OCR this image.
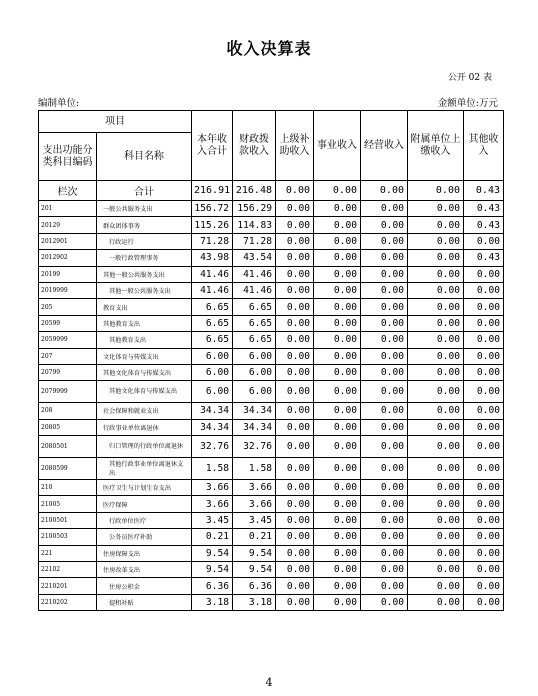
收入决算表
公开 02 表
编制单位:	金额单位:万元
项目		本年收入合计	财政拨款收入	上级补助收入	事业收入	经营收入	附属单位上缴收入	其他收入
支出功能分类科目编码	科目名称							
栏次	合计	216.91	216.48	0.00	0.00	0.00	0.00	0.43
201	一般公共服务支出	156.72	156.29	0.00	0.00	0.00	0.00	0.43
20129	群众团体事务	115.26	114.83	0.00	0.00	0.00	0.00	0.43
2012901	行政运行	71.28	71.28	0.00	0.00	0.00	0.00	0.00
2012902	一般行政管理事务	43.98	43.54	0.00	0.00	0.00	0.00	0.43
20199	其他一般公共服务支出	41.46	41.46	0.00	0.00	0.00	0.00	0.00
2019999	其他一般公共服务支出	41.46	41.46	0.00	0.00	0.00	0.00	0.00
205	教育支出	6.65	6.65	0.00	0.00	0.00	0.00	0.00
20599	其他教育支出	6.65	6.65	0.00	0.00	0.00	0.00	0.00
2059999	其他教育支出	6.65	6.65	0.00	0.00	0.00	0.00	0.00
207	文化体育与传媒支出	6.00	6.00	0.00	0.00	0.00	0.00	0.00
20799	其他文化体育与传媒支出	6.00	6.00	0.00	0.00	0.00	0.00	0.00
2079999	其他文化体育与传媒支出	6.00	6.00	0.00	0.00	0.00	0.00	0.00
208	社会保障和就业支出	34.34	34.34	0.00	0.00	0.00	0.00	0.00
20805	行政事业单位离退休	34.34	34.34	0.00	0.00	0.00	0.00	0.00
2080501	归口管理的行政单位离退休	32.76	32.76	0.00	0.00	0.00	0.00	0.00
2080599	其他行政事业单位离退休支出	1.58	1.58	0.00	0.00	0.00	0.00	0.00
210	医疗卫生与计划生育支出	3.66	3.66	0.00	0.00	0.00	0.00	0.00
21005	医疗保障	3.66	3.66	0.00	0.00	0.00	0.00	0.00
2100501	行政单位医疗	3.45	3.45	0.00	0.00	0.00	0.00	0.00
2100503	公务员医疗补助	0.21	0.21	0.00	0.00	0.00	0.00	0.00
221	住房保障支出	9.54	9.54	0.00	0.00	0.00	0.00	0.00
22102	住房改革支出	9.54	9.54	0.00	0.00	0.00	0.00	0.00
2210201	住房公积金	6.36	6.36	0.00	0.00	0.00	0.00	0.00
2210202	提租补贴	3.18	3.18	0.00	0.00	0.00	0.00	0.00
4
